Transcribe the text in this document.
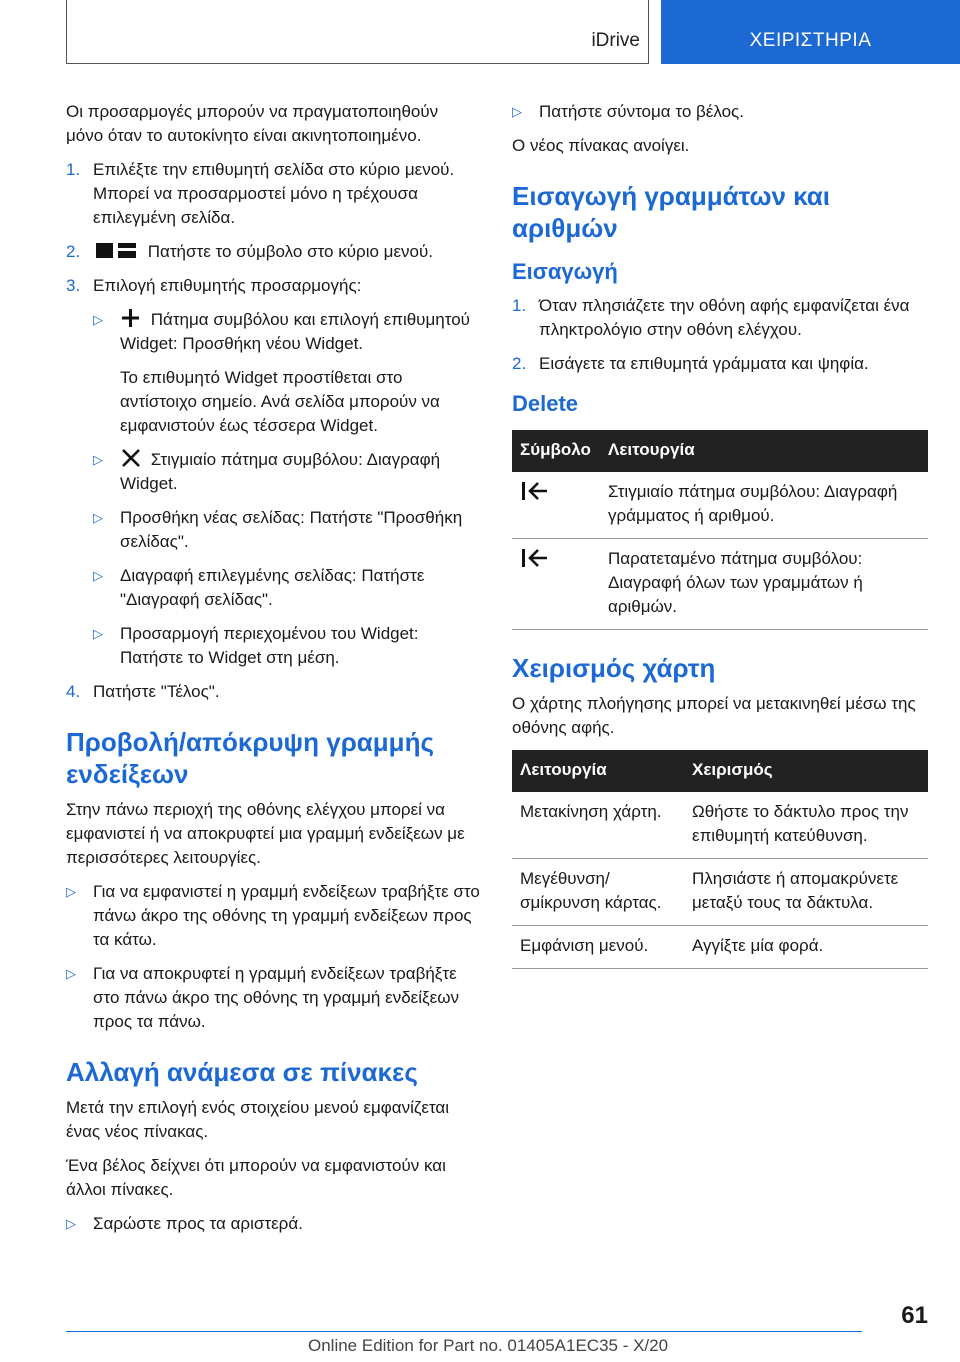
iDrive	ΧΕΙΡΙΣΤΗΡΙΑ

Οι προσαρμογές μπορούν να πραγματοποιηθούν μόνο όταν το αυτοκίνητο είναι ακινητοποιημένο.

1. Επιλέξτε την επιθυμητή σελίδα στο κύριο μενού. Μπορεί να προσαρμοστεί μόνο η τρέχουσα επιλεγμένη σελίδα.
2.	Πατήστε το σύμβολο στο κύριο μενού.
3. Επιλογή επιθυμητής προσαρμογής:
▷	Πάτημα συμβόλου και επιλογή επιθυμητού Widget: Προσθήκη νέου Widget.

Το επιθυμητό Widget προστίθεται στο αντίστοιχο σημείο. Ανά σελίδα μπορούν να εμφανιστούν έως τέσσερα Widget.

▷	Στιγμιαίο πάτημα συμβόλου: Διαγραφή Widget.
▷	Προσθήκη νέας σελίδας: Πατήστε "Προσθήκη σελίδας".
▷	Διαγραφή επιλεγμένης σελίδας: Πατήστε "Διαγραφή σελίδας".
▷	Προσαρμογή περιεχομένου του Widget: Πατήστε το Widget στη μέση.
4. Πατήστε "Τέλος".
Προβολή/απόκρυψη γραμμής ενδείξεων

Στην πάνω περιοχή της οθόνης ελέγχου μπορεί να εμφανιστεί ή να αποκρυφτεί μια γραμμή ενδείξεων με περισσότερες λειτουργίες.

▷	Για να εμφανιστεί η γραμμή ενδείξεων τραβήξτε στο πάνω άκρο της οθόνης τη γραμμή ενδείξεων προς τα κάτω.
▷	Για να αποκρυφτεί η γραμμή ενδείξεων τραβήξτε στο πάνω άκρο της οθόνης τη γραμμή ενδείξεων προς τα πάνω.
Αλλαγή ανάμεσα σε πίνακες

Μετά την επιλογή ενός στοιχείου μενού εμφανίζεται ένας νέος πίνακας.

Ένα βέλος δείχνει ότι μπορούν να εμφανιστούν και άλλοι πίνακες.

▷	Σαρώστε προς τα αριστερά.
▷	Πατήστε σύντομα το βέλος.

Ο νέος πίνακας ανοίγει.

Εισαγωγή γραμμάτων και αριθμών
Εισαγωγή
1. Όταν πλησιάζετε την οθόνη αφής εμφανίζεται ένα πληκτρολόγιο στην οθόνη ελέγχου.
2. Εισάγετε τα επιθυμητά γράμματα και ψηφία.
Delete
Σύμβολο	Λειτουργία
	Στιγμιαίο πάτημα συμβόλου: Διαγραφή γράμματος ή αριθμού.
	Παρατεταμένο πάτημα συμβόλου: Διαγραφή όλων των γραμμάτων ή αριθμών.
Χειρισμός χάρτη

Ο χάρτης πλοήγησης μπορεί να μετακινηθεί μέσω της οθόνης αφής.

Λειτουργία	Χειρισμός
Μετακίνηση χάρτη.	Ωθήστε το δάκτυλο προς την επιθυμητή κατεύθυνση.
Μεγέθυνση/ σμίκρυνση κάρτας.	Πλησιάστε ή απομακρύνετε μεταξύ τους τα δάκτυλα.
Εμφάνιση μενού.	Αγγίξτε μία φορά.
61
Online Edition for Part no. 01405A1EC35 - X/20
